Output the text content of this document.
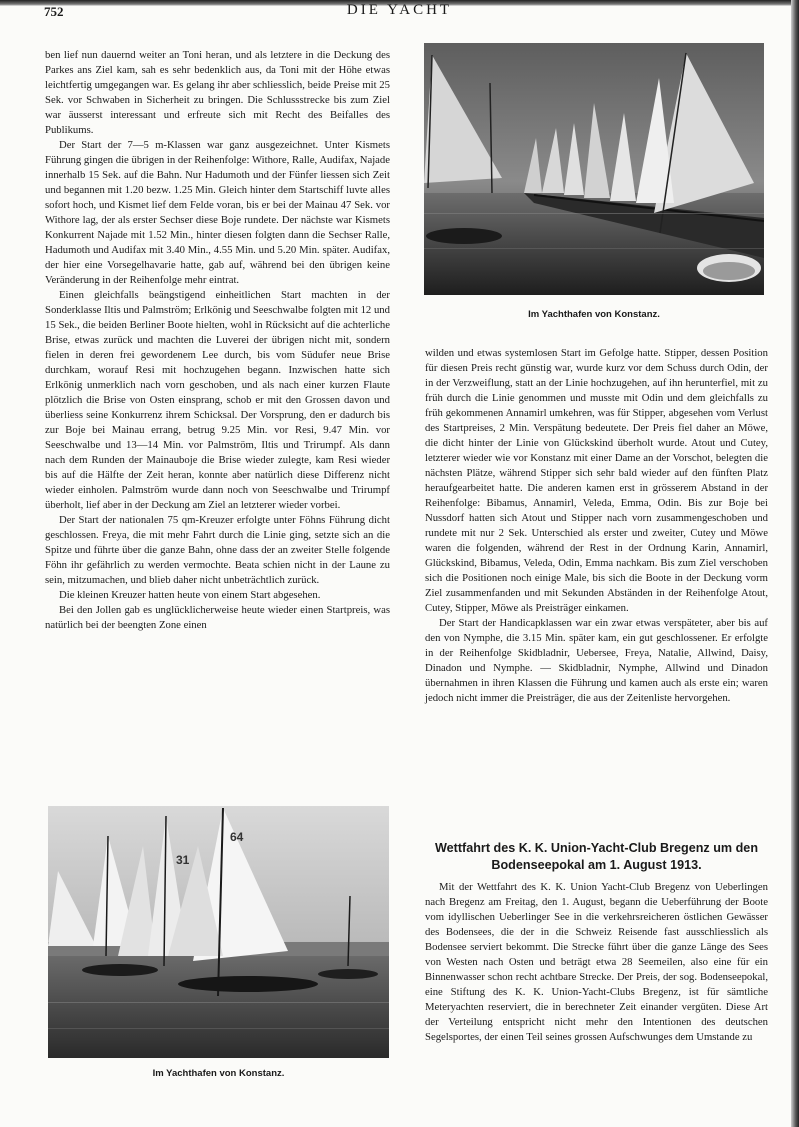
752	DIE YACHT
Im Yachthafen von Konstanz.

ben lief nun dauernd weiter an Toni heran, und als letztere in die Deckung des Parkes ans Ziel kam, sah es sehr bedenklich aus, da Toni mit der Höhe etwas leichtfertig umgegangen war. Es gelang ihr aber schliesslich, beide Preise mit 25 Sek. vor Schwaben in Sicherheit zu bringen. Die Schlussstrecke bis zum Ziel war äusserst interessant und erfreute sich mit Recht des Beifalles des Publikums.

Der Start der 7—5 m-Klassen war ganz ausgezeichnet. Unter Kismets Führung gingen die übrigen in der Reihenfolge: Withore, Ralle, Audifax, Najade innerhalb 15 Sek. auf die Bahn. Nur Hadumoth und der Fünfer liessen sich Zeit und begannen mit 1.20 bezw. 1.25 Min. Gleich hinter dem Startschiff luvte alles sofort hoch, und Kismet lief dem Felde voran, bis er bei der Mainau 47 Sek. vor Withore lag, der als erster Sechser diese Boje rundete. Der nächste war Kismets Konkurrent Najade mit 1.52 Min., hinter diesen folgten dann die Sechser Ralle, Hadumoth und Audifax mit 3.40 Min., 4.55 Min. und 5.20 Min. später. Audifax, der hier eine Vorsegelhavarie hatte, gab auf, während bei den übrigen keine Veränderung in der Reihenfolge mehr eintrat.

Einen gleichfalls beängstigend einheitlichen Start machten in der Sonderklasse Iltis und Palmström; Erlkönig und Seeschwalbe folgten mit 12 und 15 Sek., die beiden Berliner Boote hielten, wohl in Rücksicht auf die achterliche Brise, etwas zurück und machten die Luverei der übrigen nicht mit, sondern fielen in deren frei gewordenem Lee durch, bis vom Südufer neue Brise durchkam, worauf Resi mit hochzugehen begann. Inzwischen hatte sich Erlkönig unmerklich nach vorn geschoben, und als nach einer kurzen Flaute plötzlich die Brise von Osten einsprang, schob er mit den Grossen davon und überliess seine Konkurrenz ihrem Schicksal. Der Vorsprung, den er dadurch bis zur Boje bei Mainau errang, betrug 9.25 Min. vor Resi, 9.47 Min. vor Seeschwalbe und 13—14 Min. vor Palmström, Iltis und Trirumpf. Als dann nach dem Runden der Mainauboje die Brise wieder zulegte, kam Resi wieder bis auf die Hälfte der Zeit heran, konnte aber natürlich diese Differenz nicht wieder einholen. Palmström wurde dann noch von Seeschwalbe und Trirumpf überholt, lief aber in der Deckung am Ziel an letzterer wieder vorbei.

Der Start der nationalen 75 qm-Kreuzer erfolgte unter Föhns Führung dicht geschlossen. Freya, die mit mehr Fahrt durch die Linie ging, setzte sich an die Spitze und führte über die ganze Bahn, ohne dass der an zweiter Stelle folgende Föhn ihr gefährlich zu werden vermochte. Beata schien nicht in der Laune zu sein, mitzumachen, und blieb daher nicht unbeträchtlich zurück.

Die kleinen Kreuzer hatten heute von einem Start abgesehen.

Bei den Jollen gab es unglücklicherweise heute wieder einen Startpreis, was natürlich bei der beengten Zone einen

wilden und etwas systemlosen Start im Gefolge hatte. Stipper, dessen Position für diesen Preis recht günstig war, wurde kurz vor dem Schuss durch Odin, der in der Verzweiflung, statt an der Linie hochzugehen, auf ihn herunterfiel, mit zu früh durch die Linie genommen und musste mit Odin und dem gleichfalls zu früh gekommenen Annamirl umkehren, was für Stipper, abgesehen vom Verlust des Startpreises, 2 Min. Verspätung bedeutete. Der Preis fiel daher an Möwe, die dicht hinter der Linie von Glückskind überholt wurde. Atout und Cutey, letzterer wieder wie vor Konstanz mit einer Dame an der Vorschot, belegten die nächsten Plätze, während Stipper sich sehr bald wieder auf den fünften Platz heraufgearbeitet hatte. Die anderen kamen erst in grösserem Abstand in der Reihenfolge: Bibamus, Annamirl, Veleda, Emma, Odin. Bis zur Boje bei Nussdorf hatten sich Atout und Stipper nach vorn zusammengeschoben und rundete mit nur 2 Sek. Unterschied als erster und zweiter, Cutey und Möwe waren die folgenden, während der Rest in der Ordnung Karin, Annamirl, Glückskind, Bibamus, Veleda, Odin, Emma nachkam. Bis zum Ziel verschoben sich die Positionen noch einige Male, bis sich die Boote in der Deckung vorm Ziel zusammenfanden und mit Sekunden Abständen in der Reihenfolge Atout, Cutey, Stipper, Möwe als Preisträger einkamen.

Der Start der Handicapklassen war ein zwar etwas verspäteter, aber bis auf den von Nymphe, die 3.15 Min. später kam, ein gut geschlossener. Er erfolgte in der Reihenfolge Skidbladnir, Uebersee, Freya, Natalie, Allwind, Daisy, Dinadon und Nymphe. — Skidbladnir, Nymphe, Allwind und Dinadon übernahmen in ihren Klassen die Führung und kamen auch als erste ein; waren jedoch nicht immer die Preisträger, die aus der Zeitenliste hervorgehen.

Wettfahrt des K. K. Union-Yacht-Club Bregenz um den
Bodenseepokal am 1. August 1913.

Mit der Wettfahrt des K. K. Union Yacht-Club Bregenz von Ueberlingen nach Bregenz am Freitag, den 1. August, begann die Ueberführung der Boote vom idyllischen Ueberlinger See in die verkehrsreicheren östlichen Gewässer des Bodensees, die der in die Schweiz Reisende fast ausschliesslich als Bodensee serviert bekommt. Die Strecke führt über die ganze Länge des Sees von Westen nach Osten und beträgt etwa 28 Seemeilen, also eine für ein Binnenwasser schon recht achtbare Strecke. Der Preis, der sog. Bodenseepokal, eine Stiftung des K. K. Union-Yacht-Clubs Bregenz, ist für sämtliche Meteryachten reserviert, die in berechneter Zeit einander vergüten. Diese Art der Verteilung entspricht nicht mehr den Intentionen des deutschen Segelsportes, der einen Teil seines grossen Aufschwunges dem Umstande zu

31
64
Im Yachthafen von Konstanz.
